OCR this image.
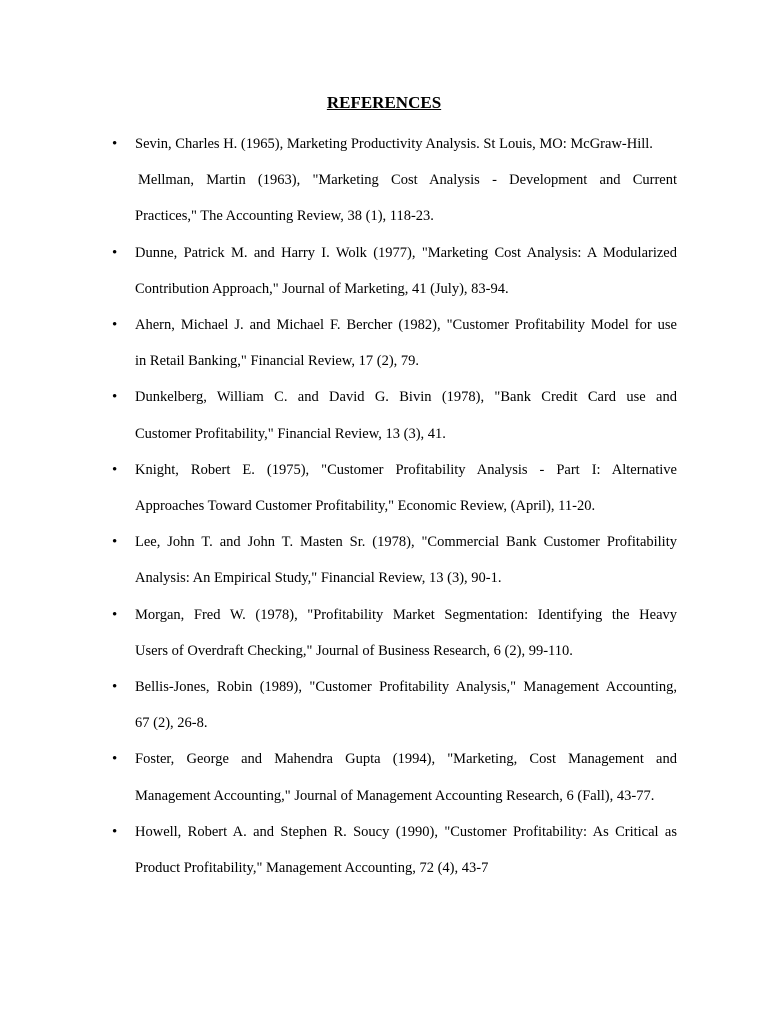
REFERENCES
•	Sevin, Charles H. (1965), Marketing Productivity Analysis. St Louis, MO: McGraw-Hill.
Mellman, Martin (1963), "Marketing Cost Analysis - Development and Current
Practices," The Accounting Review, 38 (1), 118-23.
•	Dunne, Patrick M. and Harry I. Wolk (1977), "Marketing Cost Analysis: A Modularized
Contribution Approach," Journal of Marketing, 41 (July), 83-94.
•	Ahern, Michael J. and Michael F. Bercher (1982), "Customer Profitability Model for use
in Retail Banking," Financial Review, 17 (2), 79.
•	Dunkelberg, William C. and David G. Bivin (1978), "Bank Credit Card use and
Customer Profitability," Financial Review, 13 (3), 41.
•	Knight, Robert E. (1975), "Customer Profitability Analysis - Part I: Alternative
Approaches Toward Customer Profitability," Economic Review, (April), 11-20.
•	Lee, John T. and John T. Masten Sr. (1978), "Commercial Bank Customer Profitability
Analysis: An Empirical Study," Financial Review, 13 (3), 90-1.
•	Morgan, Fred W. (1978), "Profitability Market Segmentation: Identifying the Heavy
Users of Overdraft Checking," Journal of Business Research, 6 (2), 99-110.
•	Bellis-Jones, Robin (1989), "Customer Profitability Analysis," Management Accounting,
67 (2), 26-8.
•	Foster, George and Mahendra Gupta (1994), "Marketing, Cost Management and
Management Accounting," Journal of Management Accounting Research, 6 (Fall), 43-77.
•	Howell, Robert A. and Stephen R. Soucy (1990), "Customer Profitability: As Critical as
Product Profitability," Management Accounting, 72 (4), 43-7
